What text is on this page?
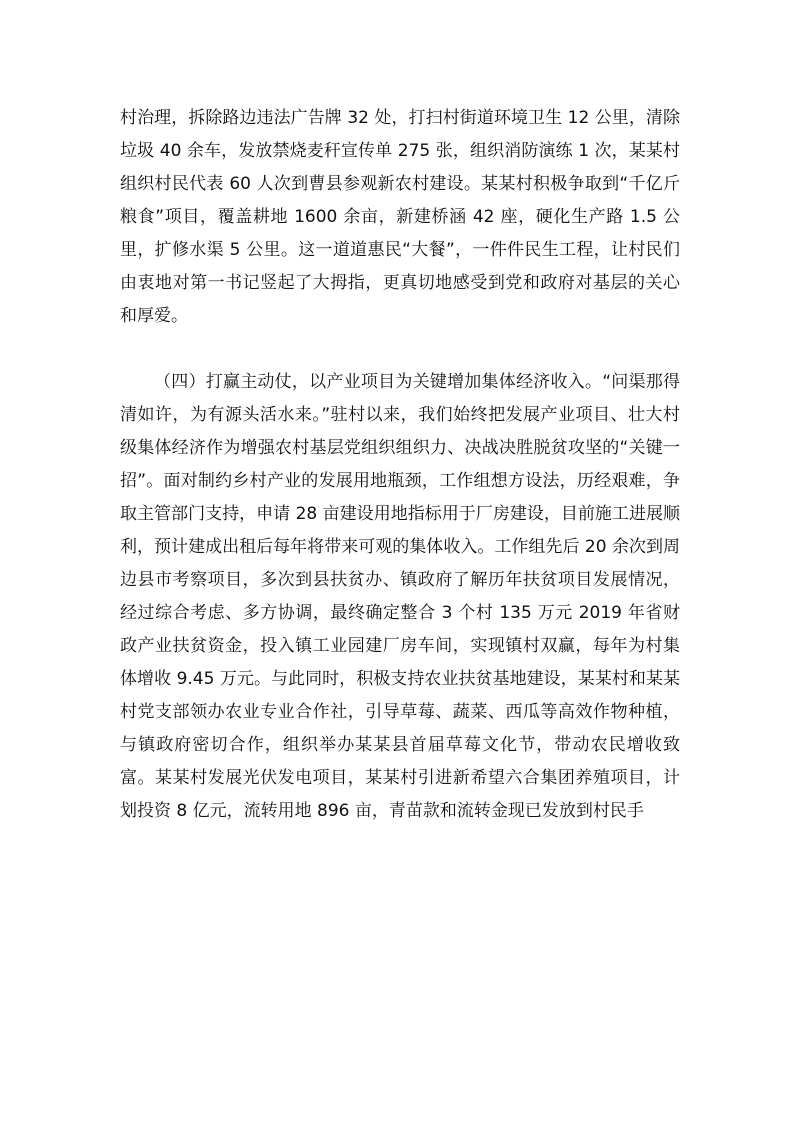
村治理，拆除路边违法广告牌 32 处，打扫村街道环境卫生 12 公里，清除垃圾 40 余车，发放禁烧麦秆宣传单 275 张，组织消防演练 1 次，某某村组织村民代表 60 人次到曹县参观新农村建设。某某村积极争取到“千亿斤粮食”项目，覆盖耕地 1600 余亩，新建桥涵 42 座，硬化生产路 1.5 公里，扩修水渠 5 公里。这一道道惠民“大餐”，一件件民生工程，让村民们由衷地对第一书记竖起了大拇指，更真切地感受到党和政府对基层的关心和厚爱。

（四）打赢主动仗，以产业项目为关键增加集体经济收入。“问渠那得清如许，为有源头活水来。”驻村以来，我们始终把发展产业项目、壮大村级集体经济作为增强农村基层党组织组织力、决战决胜脱贫攻坚的“关键一招”。面对制约乡村产业的发展用地瓶颈，工作组想方设法，历经艰难，争取主管部门支持，申请 28 亩建设用地指标用于厂房建设，目前施工进展顺利，预计建成出租后每年将带来可观的集体收入。工作组先后 20 余次到周边县市考察项目，多次到县扶贫办、镇政府了解历年扶贫项目发展情况，经过综合考虑、多方协调，最终确定整合 3 个村 135 万元 2019 年省财政产业扶贫资金，投入镇工业园建厂房车间，实现镇村双赢，每年为村集体增收 9.45 万元。与此同时，积极支持农业扶贫基地建设，某某村和某某村党支部领办农业专业合作社，引导草莓、蔬菜、西瓜等高效作物种植，与镇政府密切合作，组织举办某某县首届草莓文化节，带动农民增收致富。某某村发展光伏发电项目，某某村引进新希望六合集团养殖项目，计划投资 8 亿元，流转用地 896 亩，青苗款和流转金现已发放到村民手
